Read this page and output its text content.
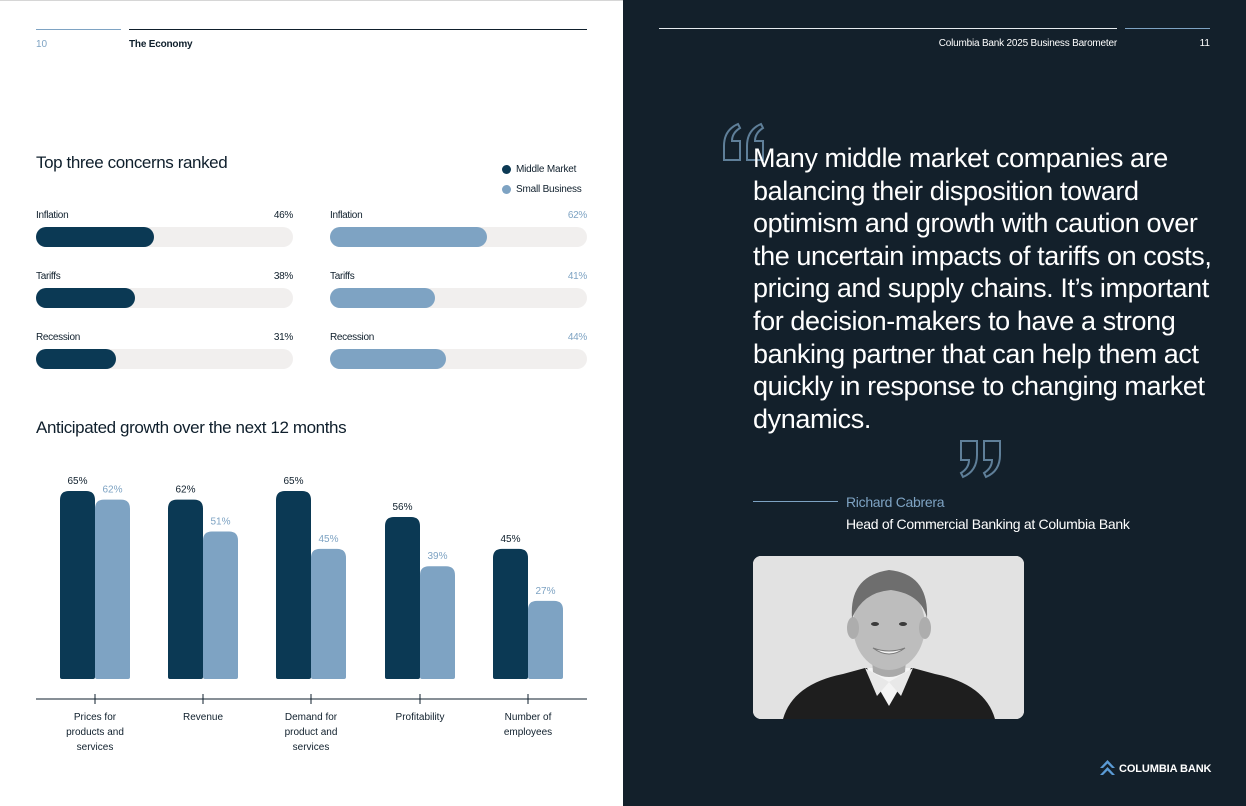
10	The Economy
Top three concerns ranked	Middle Market
Small Business
Inflation	46%
Tariffs	38%
Recession	31%
Inflation	62%
Tariffs	41%
Recession	44%
Anticipated growth over the next 12 months
65%
62%
65%
56%
45%
62%
51%
45%
39%
27%
Prices for products and services
Revenue	Demand for product and services
Profitability	Number of employees
Columbia Bank 2025 Business Barometer	11
Many middle market companies are balancing their disposition toward optimism and growth with caution over the uncertain impacts of tariffs on costs, pricing and supply chains. It’s important for decision-makers to have a strong banking partner that can help them act quickly in response to changing market dynamics.
Richard Cabrera
Head of Commercial Banking at Columbia Bank
COLUMBIA BANK
